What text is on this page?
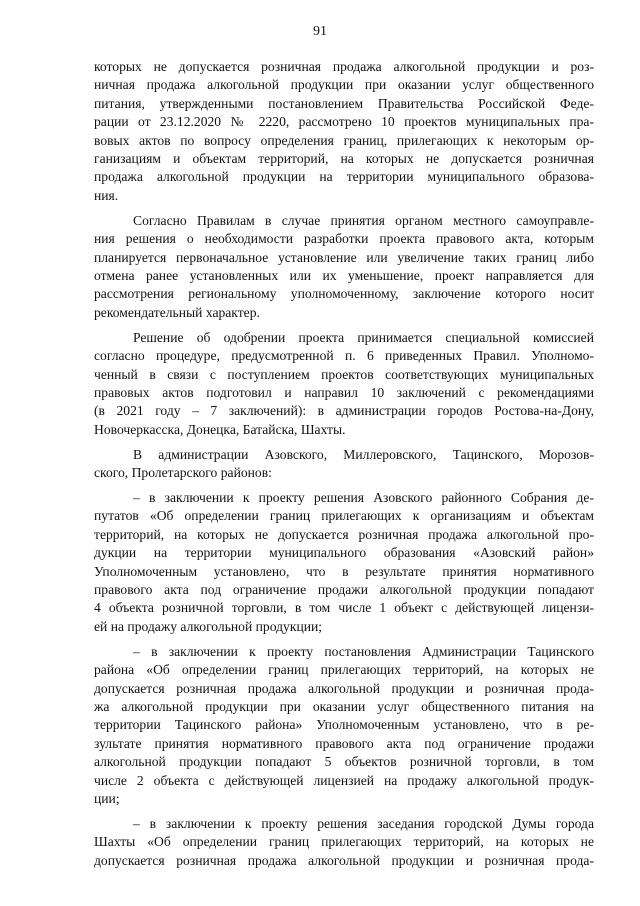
91
которых не допускается розничная продажа алкогольной продукции и роз-
ничная продажа алкогольной продукции при оказании услуг общественного
питания, утвержденными постановлением Правительства Российской Феде-
рации от 23.12.2020 № 2220, рассмотрено 10 проектов муниципальных пра-
вовых актов по вопросу определения границ, прилегающих к некоторым ор-
ганизациям и объектам территорий, на которых не допускается розничная
продажа алкогольной продукции на территории муниципального образова-
ния.
Согласно Правилам в случае принятия органом местного самоуправле-
ния решения о необходимости разработки проекта правового акта, которым
планируется первоначальное установление или увеличение таких границ либо
отмена ранее установленных или их уменьшение, проект направляется для
рассмотрения региональному уполномоченному, заключение которого носит
рекомендательный характер.
Решение об одобрении проекта принимается специальной комиссией
согласно процедуре, предусмотренной п. 6 приведенных Правил. Уполномо-
ченный в связи с поступлением проектов соответствующих муниципальных
правовых актов подготовил и направил 10 заключений с рекомендациями
(в 2021 году – 7 заключений): в администрации городов Ростова-на-Дону,
Новочеркасска, Донецка, Батайска, Шахты.
В администрации Азовского, Миллеровского, Тацинского, Морозов-
ского, Пролетарского районов:
– в заключении к проекту решения Азовского районного Собрания де-
путатов «Об определении границ прилегающих к организациям и объектам
территорий, на которых не допускается розничная продажа алкогольной про-
дукции на территории муниципального образования «Азовский район»
Уполномоченным установлено, что в результате принятия нормативного
правового акта под ограничение продажи алкогольной продукции попадают
4 объекта розничной торговли, в том числе 1 объект с действующей лицензи-
ей на продажу алкогольной продукции;
– в заключении к проекту постановления Администрации Тацинского
района «Об определении границ прилегающих территорий, на которых не
допускается розничная продажа алкогольной продукции и розничная прода-
жа алкогольной продукции при оказании услуг общественного питания на
территории Тацинского района» Уполномоченным установлено, что в ре-
зультате принятия нормативного правового акта под ограничение продажи
алкогольной продукции попадают 5 объектов розничной торговли, в том
числе 2 объекта с действующей лицензией на продажу алкогольной продук-
ции;
– в заключении к проекту решения заседания городской Думы города
Шахты «Об определении границ прилегающих территорий, на которых не
допускается розничная продажа алкогольной продукции и розничная прода-
